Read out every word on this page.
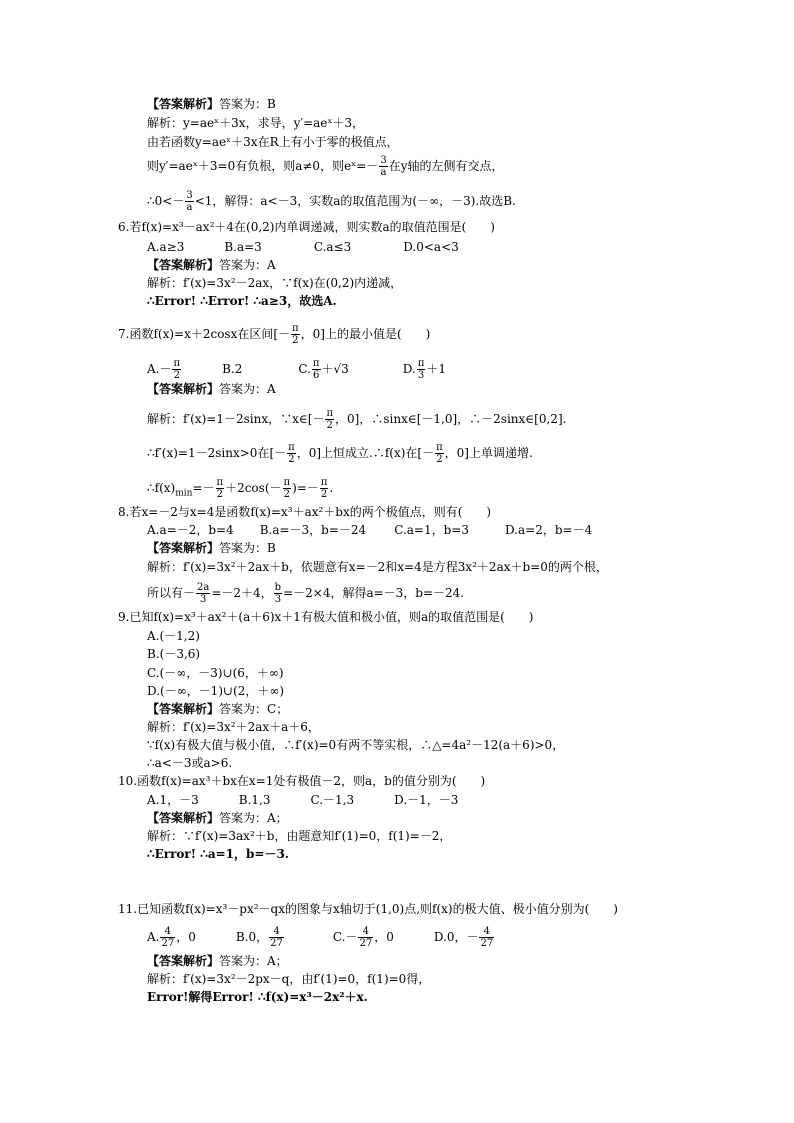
【答案解析】答案为：B
解析：y=aeˣ＋3x，求导，y′=aeˣ＋3，
由若函数y=aeˣ＋3x在R上有小于零的极值点，
则y′=aeˣ＋3=0有负根，则a≠0，则eˣ=－ $\frac{3}{a}$ 在y轴的左侧有交点，
∴0<－ $\frac{3}{a} <1$，解得：a<－3，实数a的取值范围为(－∞，－3).故选B.
6.若f(x)=x³－ax²＋4在(0,2)内单调递减，则实数a的取值范围是(　　)
A.a≥3	B.a=3	C.a≤3	D.0<a<3
【答案解析】答案为：A
解析：f′(x)=3x²－2ax，∵f(x)在(0,2)内递减，
∴Error! ∴Error! ∴a≥3，故选A.
7.函数f(x)=x＋2cosx在区间[－ $\frac{\pi}{2}$ ，0]上的最小值是(　　)
$A.- \frac{\pi}{2}$	B.2	C. $\frac{\pi}{6} +√3$	D. $\frac{\pi}{3} +1$
【答案解析】答案为：A
解析：f′(x)=1－2sinx，∵x∈[－ $\frac{\pi}{2}$ ，0]，∴sinx∈[－1,0]，∴－2sinx∈[0,2].
∴f′(x)=1－2sinx>0在[－ $\frac{\pi}{2}$ ，0]上恒成立.∴f(x)在[－ $\frac{\pi}{2}$ ，0]上单调递增.
$\therefore f(x)_{min}=- \frac{\pi}{2} +2\cos(- \frac{\pi}{2}$ )=－ $\frac{\pi}{2}$ .
8.若x=－2与x=4是函数f(x)=x³＋ax²＋bx的两个极值点，则有(　　)
A.a=－2，b=4 B.a=－3，b=－24 C.a=1，b=3	D.a=2，b=－4
【答案解析】答案为：B
解析：f′(x)=3x²＋2ax＋b，依题意有x=－2和x=4是方程3x²＋2ax＋b=0的两个根，
所以有－ $\frac{2a}{3} =-2+4$， $\frac{b}{3} =-2\times 4$，解得a=－3，b=－24.
9.已知f(x)=x³＋ax²＋(a＋6)x＋1有极大值和极小值，则a的取值范围是(　　)
A.(－1,2)
B.(－3,6)
C.(－∞，－3)∪(6，＋∞)
D.(－∞，－1)∪(2，＋∞)
【答案解析】答案为：C；
解析：f′(x)=3x²＋2ax＋a＋6，
∵f(x)有极大值与极小值，∴f′(x)=0有两不等实根，∴△=4a²－12(a＋6)>0，
∴a<－3或a>6.
10.函数f(x)=ax³＋bx在x=1处有极值－2，则a，b的值分别为(　　)
A.1，－3	B.1,3	C.－1,3	D.－1，－3
【答案解析】答案为：A；
解析：∵f′(x)=3ax²＋b，由题意知f′(1)=0，f(1)=－2，
∴Error! ∴a=1，b=－3.
11.已知函数f(x)=x³－px²－qx的图象与x轴切于(1,0)点,则f(x)的极大值、极小值分别为(　　)
A. $\frac{4}{27}$ ，0	B.0， $\frac{4}{27}$	$C.- \frac{4}{27}$ ，0	D.0，－ $\frac{4}{27}$
【答案解析】答案为：A；
解析：f′(x)=3x²－2px－q，由f′(1)=0，f(1)=0得，
Error!解得Error! ∴f(x)=x³－2x²＋x.
